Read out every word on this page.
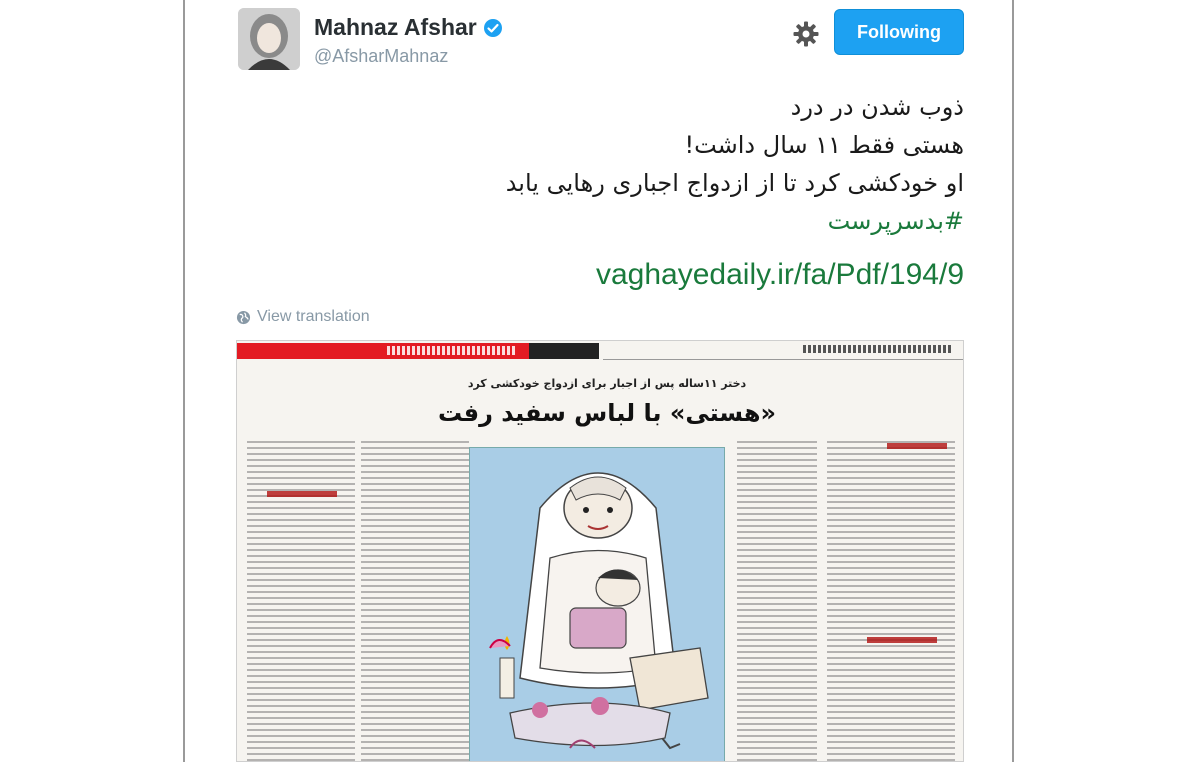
Mahnaz Afshar
@AfsharMahnaz
Following
ذوب شدن در درد
هستی فقط ۱۱ سال داشت!
او خودکشی کرد تا از ازدواج اجباری رهایی یابد
#بدسرپرست
vaghayedaily.ir/fa/Pdf/194/9
View translation
دختر ۱۱ساله پس از اجبار برای ازدواج خودکشی کرد
«هستی» با لباس سفید رفت
